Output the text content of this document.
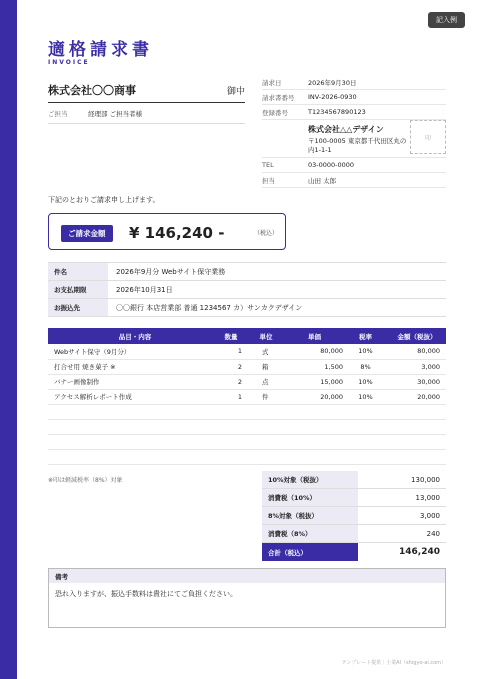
記入例
適格請求書
INVOICE
株式会社〇〇商事	御中
ご担当	経理部 ご担当者様
請求日	2026年9月30日
請求書番号	INV-2026-0930
登録番号	T1234567890123
株式会社△△デザイン
〒100-0005 東京都千代田区丸の内1-1-1
印
TEL	03-0000-0000
担当	山田 太郎
下記のとおりご請求申し上げます。
ご請求金額	¥ 146,240 -	（税込）
件名	2026年9月分 Webサイト保守業務
お支払期限	2026年10月31日
お振込先	〇〇銀行 本店営業部 普通 1234567 カ）サンカクデザイン
品目・内容	数量	単位	単価	税率	金額（税抜）
Webサイト保守（9月分）	1	式	80,000	10%	80,000
打合せ用 焼き菓子 ※	2	箱	1,500	8%	3,000
バナー画像制作	2	点	15,000	10%	30,000
アクセス解析レポート作成	1	件	20,000	10%	20,000

※印は軽減税率（8%）対象	10%対象（税抜）	130,000
消費税（10%）	13,000
8%対象（税抜）	3,000
消費税（8%）	240
合計（税込）	146,240
備考
恐れ入りますが、振込手数料は貴社にてご負担ください。
テンプレート提供｜士業AI（shigyo-ai.com）
